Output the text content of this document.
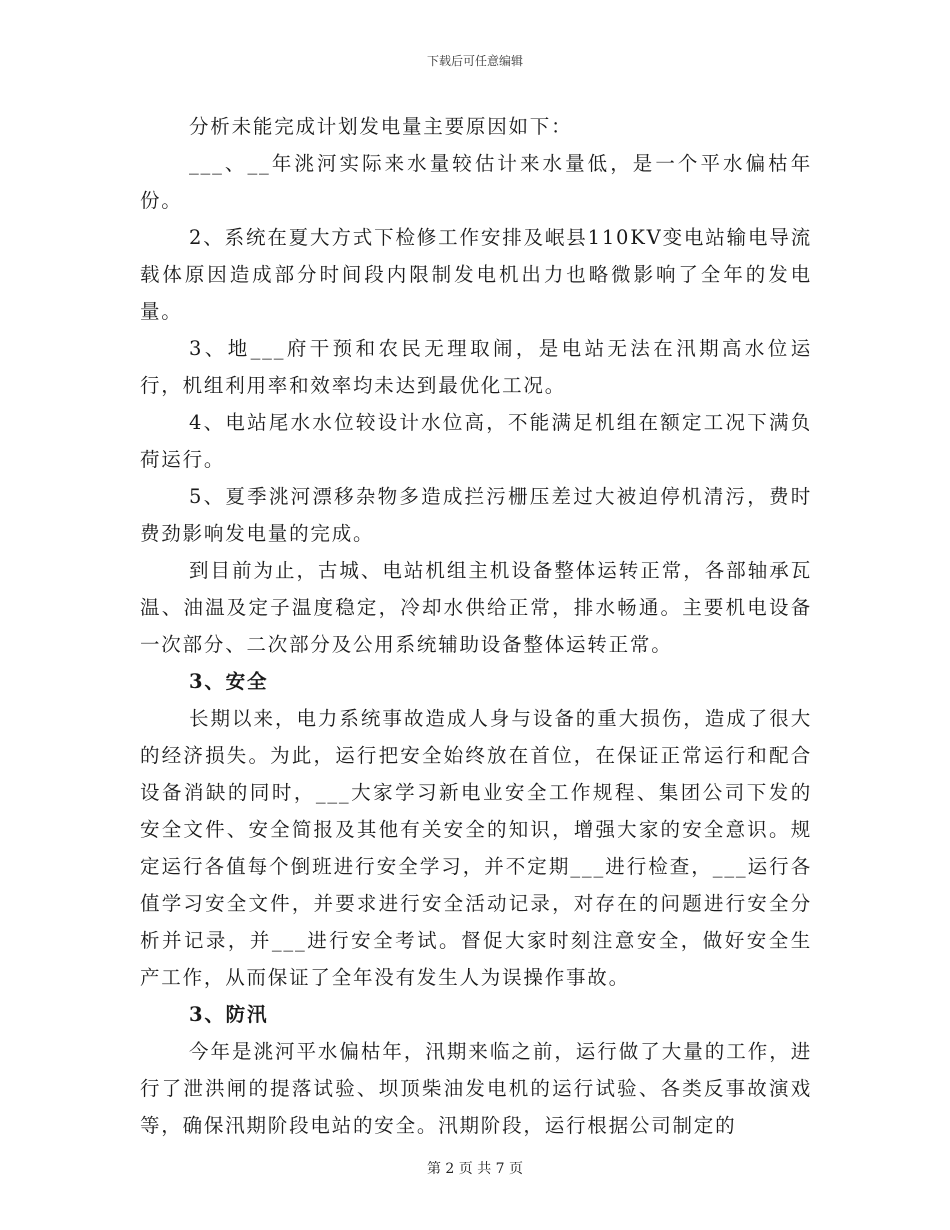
下载后可任意编辑

分析未能完成计划发电量主要原因如下：

___、__年洮河实际来水量较估计来水量低，是一个平水偏枯年份。

2、系统在夏大方式下检修工作安排及岷县110KV变电站输电导流载体原因造成部分时间段内限制发电机出力也略微影响了全年的发电量。

3、地___府干预和农民无理取闹，是电站无法在汛期高水位运行，机组利用率和效率均未达到最优化工况。

4、电站尾水水位较设计水位高，不能满足机组在额定工况下满负荷运行。

5、夏季洮河漂移杂物多造成拦污栅压差过大被迫停机清污，费时费劲影响发电量的完成。

到目前为止，古城、电站机组主机设备整体运转正常，各部轴承瓦温、油温及定子温度稳定，冷却水供给正常，排水畅通。主要机电设备一次部分、二次部分及公用系统辅助设备整体运转正常。

3、安全

长期以来，电力系统事故造成人身与设备的重大损伤，造成了很大的经济损失。为此，运行把安全始终放在首位，在保证正常运行和配合设备消缺的同时，___大家学习新电业安全工作规程、集团公司下发的安全文件、安全简报及其他有关安全的知识，增强大家的安全意识。规定运行各值每个倒班进行安全学习，并不定期___进行检查，___运行各值学习安全文件，并要求进行安全活动记录，对存在的问题进行安全分析并记录，并___进行安全考试。督促大家时刻注意安全，做好安全生产工作，从而保证了全年没有发生人为误操作事故。

3、防汛

今年是洮河平水偏枯年，汛期来临之前，运行做了大量的工作，进行了泄洪闸的提落试验、坝顶柴油发电机的运行试验、各类反事故演戏等，确保汛期阶段电站的安全。汛期阶段，运行根据公司制定的

第 2 页 共 7 页
